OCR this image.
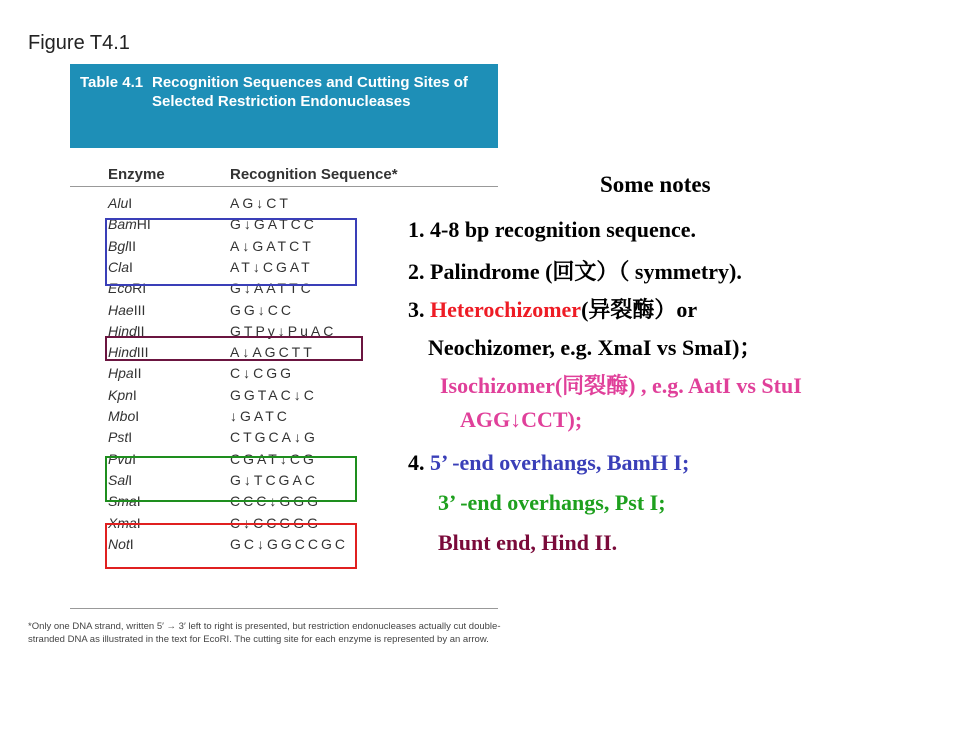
Figure T4.1
Table 4.1 Recognition Sequences and Cutting Sites of Selected Restriction Endonucleases
Enzyme	Recognition Sequence*
AluI	AG↓CT
BamHI	G↓GATCC
BglII	A↓GATCT
ClaI	AT↓CGAT
EcoRI	G↓AATTC
HaeIII	GG↓CC
HindII	GTPy↓PuAC
HindIII	A↓AGCTT
HpaII	C↓CGG
KpnI	GGTAC↓C
MboI	↓GATC
PstI	CTGCA↓G
PvuI	CGAT↓CG
SalI	G↓TCGAC
SmaI	CCC↓GGG
XmaI	C↓CCGGG
NotI	GC↓GGCCGC
*Only one DNA strand, written 5′ → 3′ left to right is presented, but restriction endonucleases actually cut double-stranded DNA as illustrated in the text for EcoRI. The cutting site for each enzyme is represented by an arrow.
Some notes
1. 4-8 bp recognition sequence.
2. Palindrome (回文）（ symmetry).
3. Heterochizomer(异裂酶）or
Neochizomer, e.g. XmaI vs SmaI)；
Isochizomer(同裂酶) , e.g. AatI vs StuI
AGG↓CCT);
4. 5’ -end overhangs, BamH I;
3’ -end overhangs, Pst I;
Blunt end, Hind II.
